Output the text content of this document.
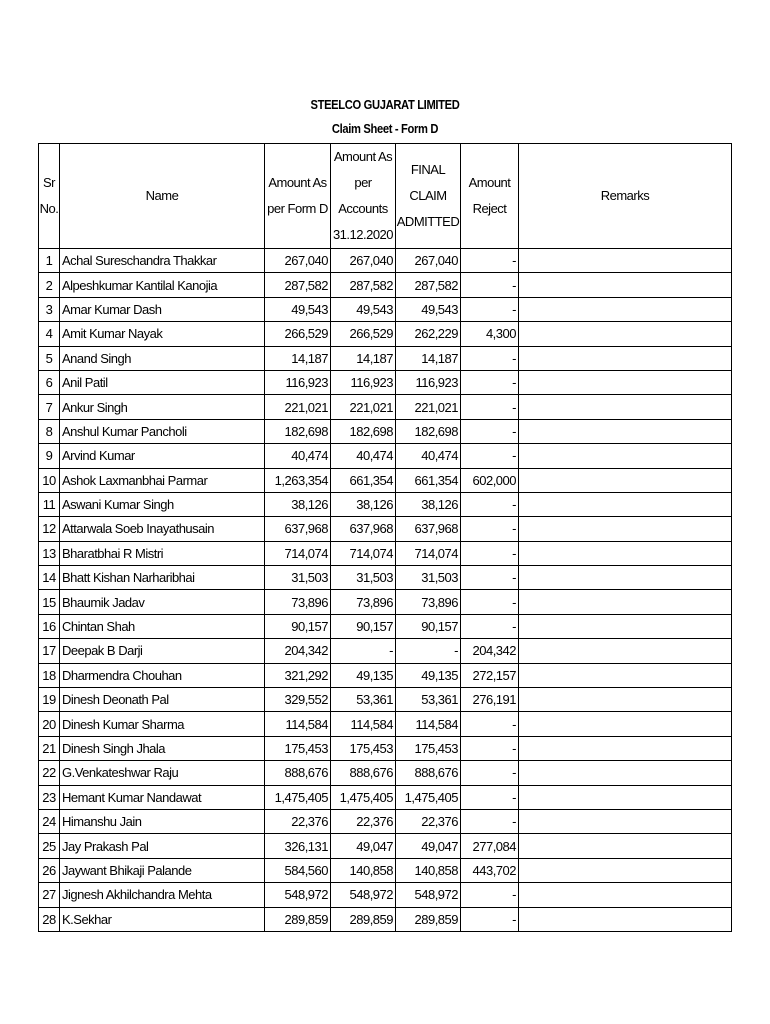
STEELCO GUJARAT LIMITED
Claim Sheet - Form D
Sr No.	Name	Amount As per Form D	Amount As per Accounts 31.12.2020	FINAL CLAIM ADMITTED	Amount Reject	Remarks
1	Achal Sureschandra Thakkar	267,040	267,040	267,040	-	
2	Alpeshkumar Kantilal Kanojia	287,582	287,582	287,582	-	
3	Amar Kumar Dash	49,543	49,543	49,543	-	
4	Amit Kumar Nayak	266,529	266,529	262,229	4,300	
5	Anand Singh	14,187	14,187	14,187	-	
6	Anil Patil	116,923	116,923	116,923	-	
7	Ankur Singh	221,021	221,021	221,021	-	
8	Anshul Kumar Pancholi	182,698	182,698	182,698	-	
9	Arvind Kumar	40,474	40,474	40,474	-	
10	Ashok Laxmanbhai Parmar	1,263,354	661,354	661,354	602,000	
11	Aswani Kumar Singh	38,126	38,126	38,126	-	
12	Attarwala Soeb Inayathusain	637,968	637,968	637,968	-	
13	Bharatbhai R Mistri	714,074	714,074	714,074	-	
14	Bhatt Kishan Narharibhai	31,503	31,503	31,503	-	
15	Bhaumik Jadav	73,896	73,896	73,896	-	
16	Chintan Shah	90,157	90,157	90,157	-	
17	Deepak B Darji	204,342	-	-	204,342	
18	Dharmendra Chouhan	321,292	49,135	49,135	272,157	
19	Dinesh Deonath Pal	329,552	53,361	53,361	276,191	
20	Dinesh Kumar Sharma	114,584	114,584	114,584	-	
21	Dinesh Singh Jhala	175,453	175,453	175,453	-	
22	G.Venkateshwar Raju	888,676	888,676	888,676	-	
23	Hemant Kumar Nandawat	1,475,405	1,475,405	1,475,405	-	
24	Himanshu Jain	22,376	22,376	22,376	-	
25	Jay Prakash Pal	326,131	49,047	49,047	277,084	
26	Jaywant Bhikaji Palande	584,560	140,858	140,858	443,702	
27	Jignesh Akhilchandra Mehta	548,972	548,972	548,972	-	
28	K.Sekhar	289,859	289,859	289,859	-	
